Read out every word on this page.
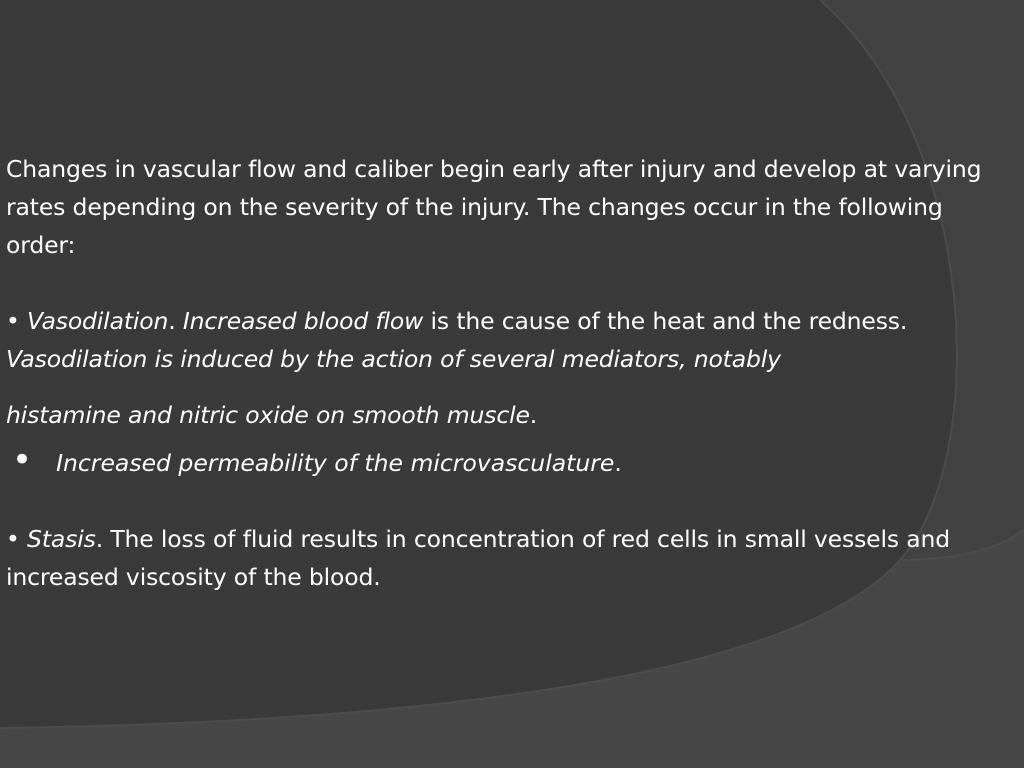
Changes in vascular flow and caliber begin early after injury and develop at varying rates depending on the severity of the injury. The changes occur in the following order:

• Vasodilation. Increased blood flow is the cause of the heat and the redness. Vasodilation is induced by the action of several mediators, notably

histamine and nitric oxide on smooth muscle.

• Increased permeability of the microvasculature.

• Stasis. The loss of fluid results in concentration of red cells in small vessels and increased viscosity of the blood.
